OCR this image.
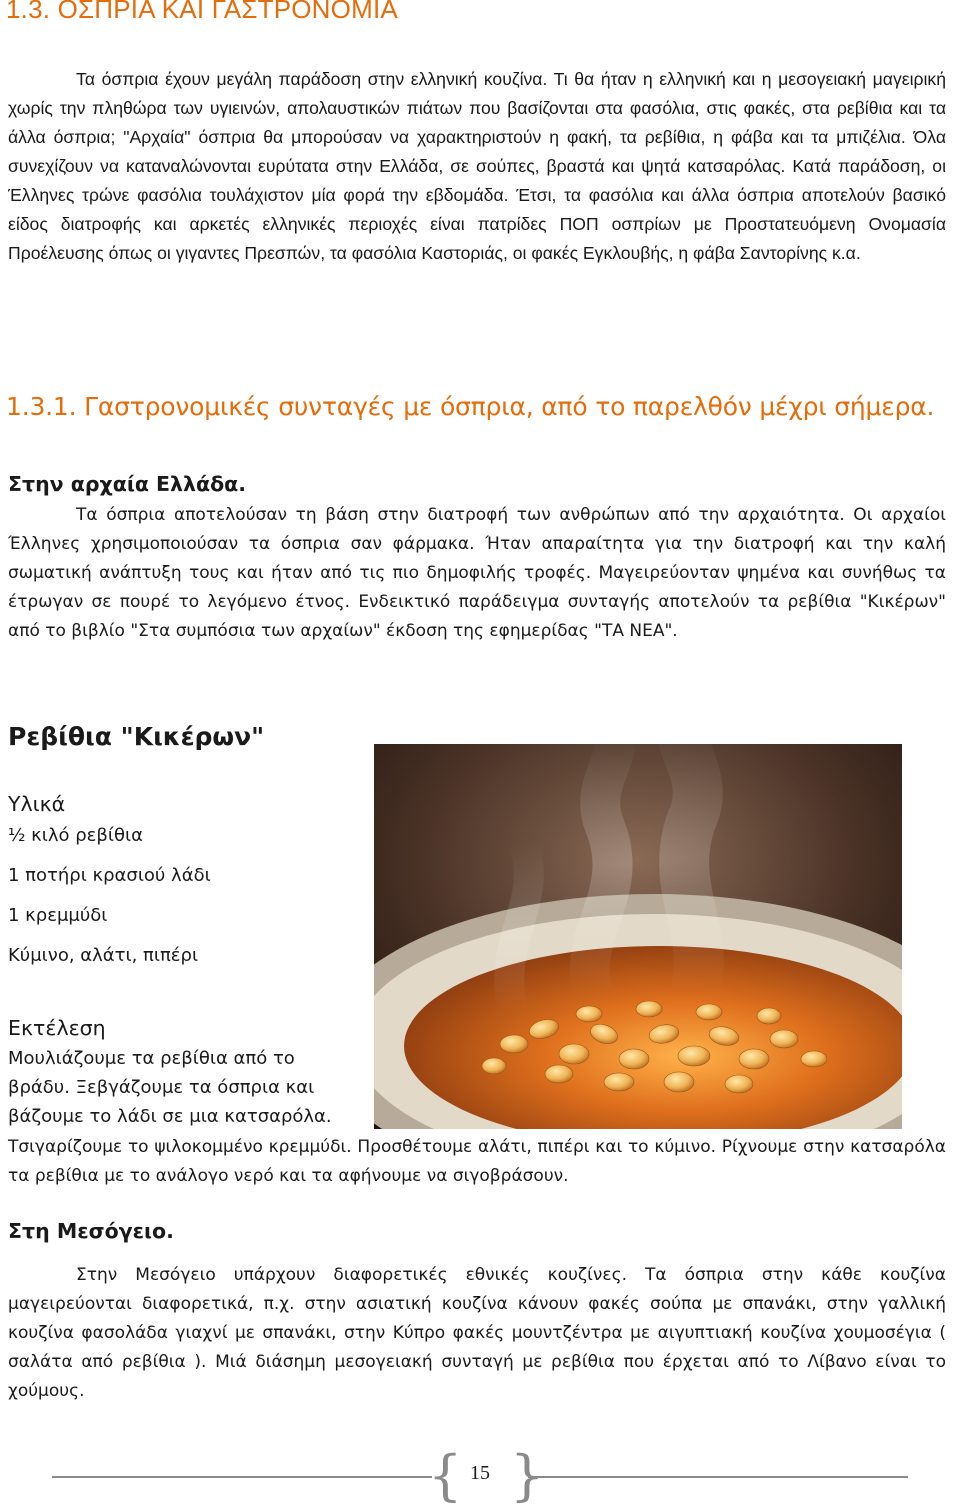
1.3. ΟΣΠΡΙΑ ΚΑΙ ΓΑΣΤΡΟΝΟΜΙΑ
Τα όσπρια έχουν μεγάλη παράδοση στην ελληνική κουζίνα. Τι θα ήταν η ελληνική και η μεσογειακή μαγειρική χωρίς την πληθώρα των υγιεινών, απολαυστικών πιάτων που βασίζονται στα φασόλια, στις φακές, στα ρεβίθια και τα άλλα όσπρια; "Αρχαία" όσπρια θα μπορούσαν να χαρακτηριστούν η φακή, τα ρεβίθια, η φάβα και τα μπιζέλια. Όλα συνεχίζουν να καταναλώνονται ευρύτατα στην Ελλάδα, σε σούπες, βραστά και ψητά κατσαρόλας. Κατά παράδοση, οι Έλληνες τρώνε φασόλια τουλάχιστον μία φορά την εβδομάδα. Έτσι, τα φασόλια και άλλα όσπρια αποτελούν βασικό είδος διατροφής και αρκετές ελληνικές περιοχές είναι πατρίδες ΠΟΠ οσπρίων με Προστατευόμενη Ονομασία Προέλευσης όπως οι γιγαντες Πρεσπών, τα φασόλια Καστοριάς, οι φακές Εγκλουβής, η φάβα Σαντορίνης κ.α.
1.3.1. Γαστρονομικές συνταγές με όσπρια, από το παρελθόν μέχρι σήμερα.
Στην αρχαία Ελλάδα.
Τα όσπρια αποτελούσαν τη βάση στην διατροφή των ανθρώπων από την αρχαιότητα. Οι αρχαίοι Έλληνες χρησιμοποιούσαν τα όσπρια σαν φάρμακα. Ήταν απαραίτητα για την διατροφή και την καλή σωματική ανάπτυξη τους και ήταν από τις πιο δημοφιλής τροφές. Μαγειρεύονταν ψημένα και συνήθως τα έτρωγαν σε πουρέ το λεγόμενο έτνος. Ενδεικτικό παράδειγμα συνταγής αποτελούν τα ρεβίθια "Κικέρων" από το βιβλίο "Στα συμπόσια των αρχαίων" έκδοση της εφημερίδας "ΤΑ ΝΕΑ".
Ρεβίθια "Κικέρων"
Υλικά
½ κιλό ρεβίθια
1 ποτήρι κρασιού λάδι
1 κρεμμύδι
Κύμινο, αλάτι, πιπέρι
Εκτέλεση
Μουλιάζουμε τα ρεβίθια από το
βράδυ. Ξεβγάζουμε τα όσπρια και
βάζουμε το λάδι σε μια κατσαρόλα.
Τσιγαρίζουμε το ψιλοκομμένο κρεμμύδι. Προσθέτουμε αλάτι, πιπέρι και το κύμινο. Ρίχνουμε στην κατσαρόλα τα ρεβίθια με το ανάλογο νερό και τα αφήνουμε να σιγοβράσουν.
Στη Μεσόγειο.
Στην Μεσόγειο υπάρχουν διαφορετικές εθνικές κουζίνες. Τα όσπρια στην κάθε κουζίνα μαγειρεύονται διαφορετικά, π.χ. στην ασιατική κουζίνα κάνουν φακές σούπα με σπανάκι, στην γαλλική κουζίνα φασολάδα γιαχνί με σπανάκι, στην Κύπρο φακές μουντζέντρα με αιγυπτιακή κουζίνα χουμοσέγια ( σαλάτα από ρεβίθια ). Μιά διάσημη μεσογειακή συνταγή με ρεβίθια που έρχεται από το Λίβανο είναι το χούμους.
{ }
15
